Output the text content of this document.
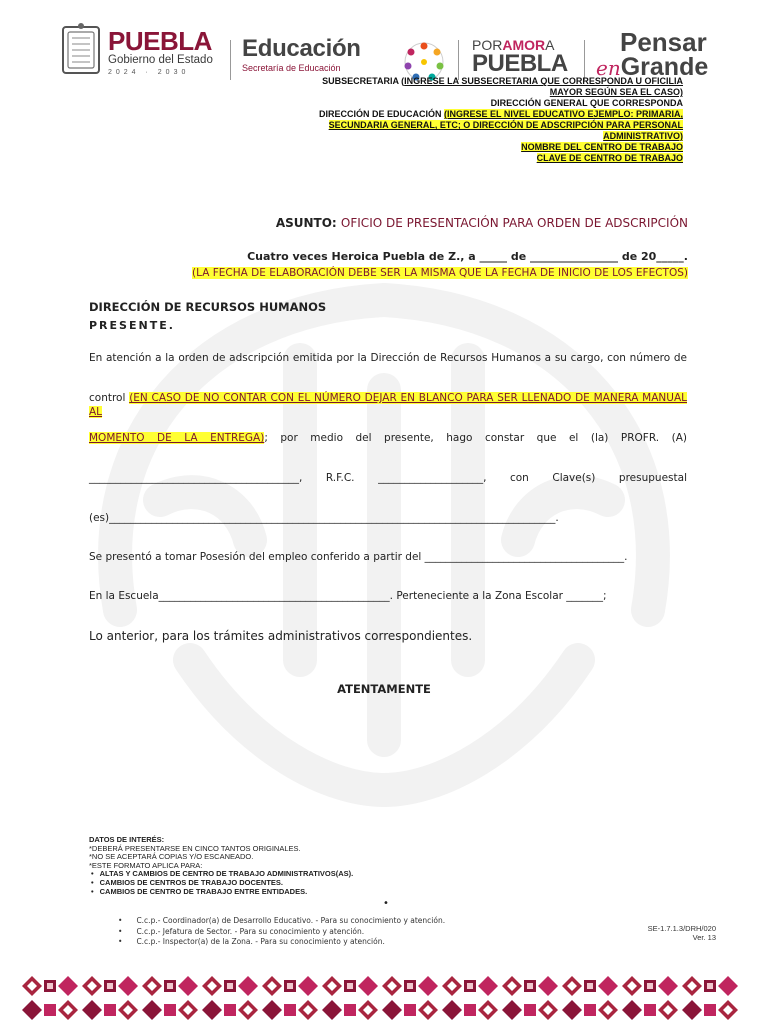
PUEBLA
Gobierno del Estado
2024 · 2030
Educación
Secretaría de Educación
PORAMORA
PUEBLA
Pensar
enGrande
SUBSECRETARIA (INGRESE LA SUBSECRETARIA QUE CORRESPONDA U OFICILIA
MAYOR SEGÚN SEA EL CASO)
DIRECCIÓN GENERAL QUE CORRESPONDA
DIRECCIÓN DE EDUCACIÓN (INGRESE EL NIVEL EDUCATIVO EJEMPLO: PRIMARIA,
SECUNDARIA GENERAL, ETC; O DIRECCIÓN DE ADSCRIPCIÓN PARA PERSONAL
ADMINISTRATIVO)
NOMBRE DEL CENTRO DE TRABAJO
CLAVE DE CENTRO DE TRABAJO
ASUNTO: OFICIO DE PRESENTACIÓN PARA ORDEN DE ADSCRIPCIÓN
Cuatro veces Heroica Puebla de Z., a _____ de ________________ de 20_____.
(LA FECHA DE ELABORACIÓN DEBE SER LA MISMA QUE LA FECHA DE INICIO DE LOS EFECTOS)
DIRECCIÓN DE RECURSOS HUMANOS
PRESENTE.
En atención a la orden de adscripción emitida por la Dirección de Recursos Humanos a su cargo, con número de
control (EN CASO DE NO CONTAR CON EL NÚMERO DEJAR EN BLANCO PARA SER LLENADO DE MANERA MANUAL AL
MOMENTO DE LA ENTREGA); por medio del presente, hago constar que el (la) PROFR. (A)
________________________________________, R.F.C. ____________________, con Clave(s) presupuestal
(es)_____________________________________________________________________________________.
Se presentó a tomar Posesión del empleo conferido a partir del ______________________________________.
En la Escuela____________________________________________. Perteneciente a la Zona Escolar _______;
Lo anterior, para los trámites administrativos correspondientes.
ATENTAMENTE
DATOS DE INTERÉS:
*DEBERÁ PRESENTARSE EN CINCO TANTOS ORIGINALES.
*NO SE ACEPTARÁ COPIAS Y/O ESCANEADO.
*ESTE FORMATO APLICA PARA:
• ALTAS Y CAMBIOS DE CENTRO DE TRABAJO ADMINISTRATIVOS(AS).
• CAMBIOS DE CENTROS DE TRABAJO DOCENTES.
• CAMBIOS DE CENTRO DE TRABAJO ENTRE ENTIDADES.
•
• C.c.p.- Coordinador(a) de Desarrollo Educativo. - Para su conocimiento y atención.
• C.c.p.- Jefatura de Sector. - Para su conocimiento y atención.
• C.c.p.- Inspector(a) de la Zona. - Para su conocimiento y atención.
SE-1.7.1.3/DRH/020
Ver. 13
